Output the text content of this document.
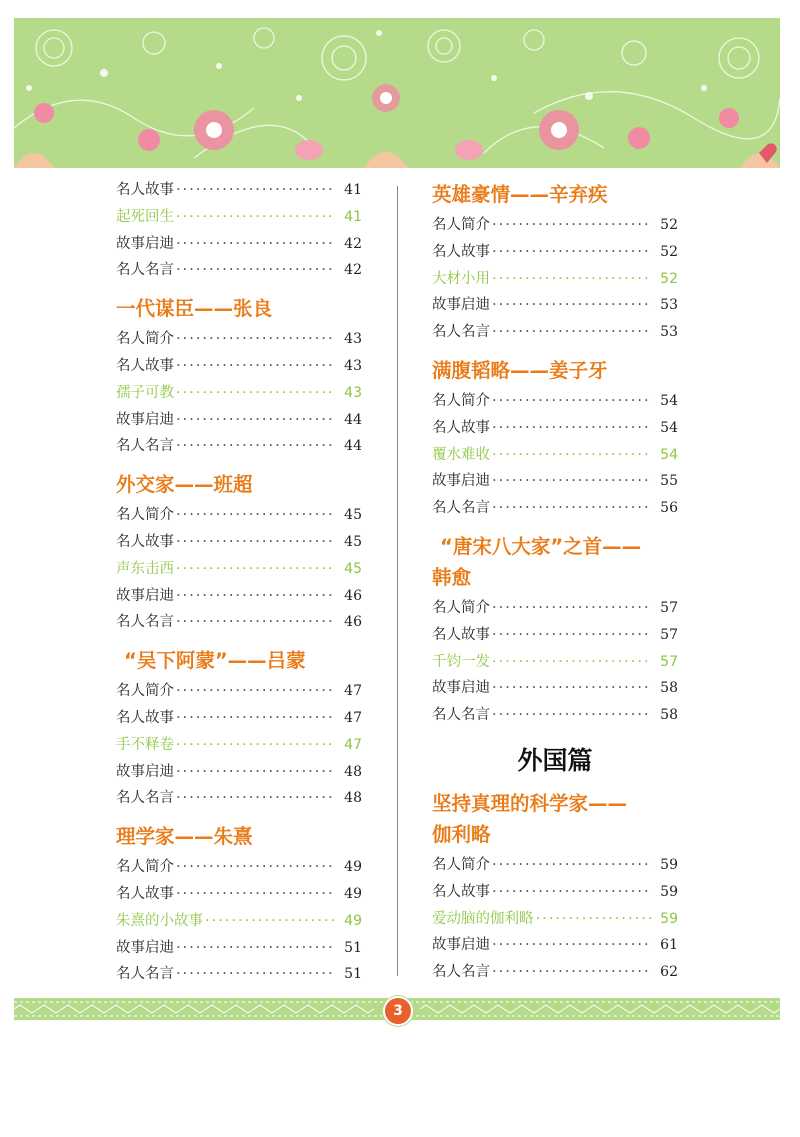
名人故事 ·····	41
起死回生 ·····	41
故事启迪 ·····	42
名人名言 ·····	42
一代谋臣——张良
名人简介 ·····	43
名人故事 ·····	43
孺子可教 ·····	43
故事启迪 ·····	44
名人名言 ·····	44
外交家——班超
名人简介 ·····	45
名人故事 ·····	45
声东击西 ·····	45
故事启迪 ·····	46
名人名言 ·····	46
“吴下阿蒙”——吕蒙
名人简介 ·····	47
名人故事 ·····	47
手不释卷 ·····	47
故事启迪 ·····	48
名人名言 ·····	48
理学家——朱熹
名人简介 ·····	49
名人故事 ·····	49
朱熹的小故事 ·····	49
故事启迪 ·····	51
名人名言 ·····	51
英雄豪情——辛弃疾
名人简介 ·····	52
名人故事 ·····	52
大材小用 ·····	52
故事启迪 ·····	53
名人名言 ·····	53
满腹韬略——姜子牙
名人简介 ·····	54
名人故事 ·····	54
覆水难收 ·····	54
故事启迪 ·····	55
名人名言 ·····	56
“唐宋八大家”之首——
韩愈
名人简介 ·····	57
名人故事 ·····	57
千钧一发 ·····	57
故事启迪 ·····	58
名人名言 ·····	58
外国篇
坚持真理的科学家——
伽利略
名人简介 ·····	59
名人故事 ·····	59
爱动脑的伽利略 ·····	59
故事启迪 ·····	61
名人名言 ·····	62
3
